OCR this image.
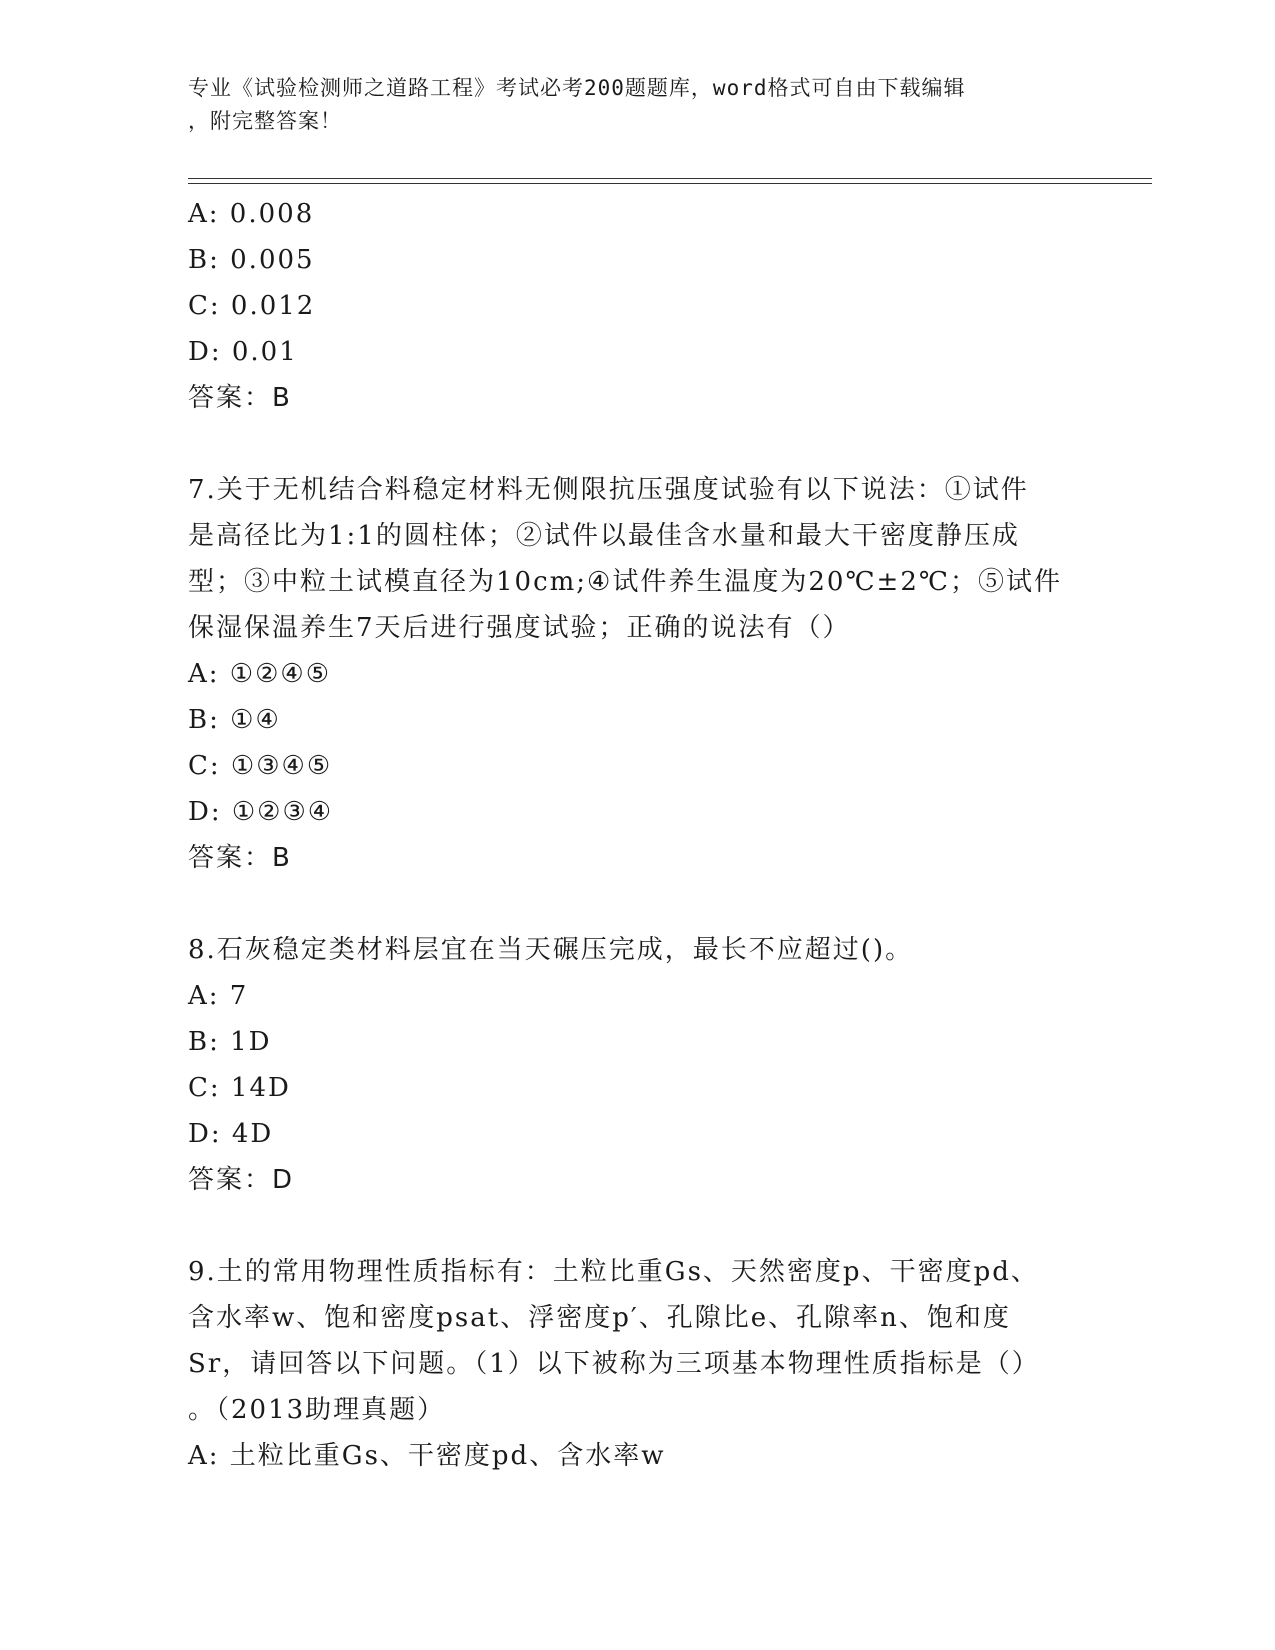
专业《试验检测师之道路工程》考试必考200题题库，word格式可自由下载编辑
，附完整答案！
A: 0.008
B: 0.005
C: 0.012
D: 0.01
答案：B
7.关于无机结合料稳定材料无侧限抗压强度试验有以下说法：①试件
是高径比为1:1的圆柱体；②试件以最佳含水量和最大干密度静压成
型；③中粒土试模直径为10cm;④试件养生温度为20℃±2℃；⑤试件
保湿保温养生7天后进行强度试验；正确的说法有（）
A: ①②④⑤
B: ①④
C: ①③④⑤
D: ①②③④
答案：B
8.石灰稳定类材料层宜在当天碾压完成，最长不应超过()。
A: 7
B: 1D
C: 14D
D: 4D
答案：D
9.土的常用物理性质指标有：土粒比重Gs、天然密度p、干密度pd、
含水率w、饱和密度psat、浮密度p′、孔隙比e、孔隙率n、饱和度
Sr，请回答以下问题。（1）以下被称为三项基本物理性质指标是（）
。（2013助理真题）
A: 土粒比重Gs、干密度pd、含水率w
